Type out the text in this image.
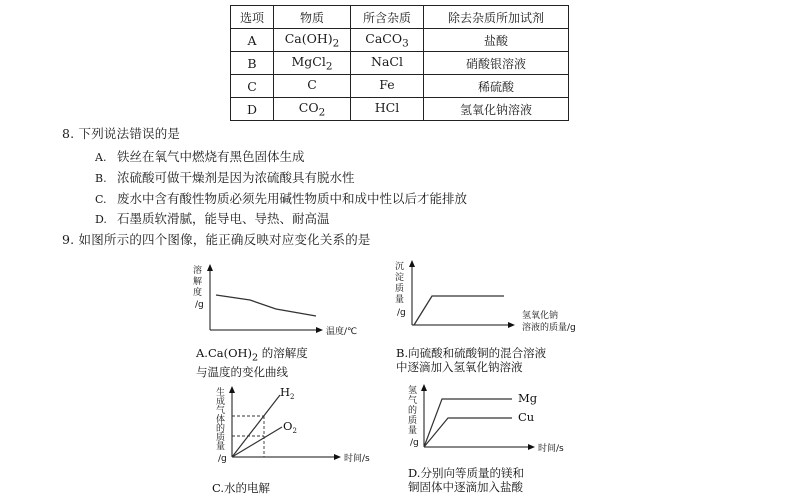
选项	物质	所含杂质	除去杂质所加试剂
A	$Ca(OH)_2$	CaCO$_3$	盐酸
B	MgCl$_2$	NaCl	硝酸银溶液
C	C	Fe	稀硫酸
D	$CO_2$	HCl	氢氧化钠溶液
8. 下列说法错误的是
A. 铁丝在氧气中燃烧有黑色固体生成
B. 浓硫酸可做干燥剂是因为浓硫酸具有脱水性
C. 废水中含有酸性物质必须先用碱性物质中和成中性以后才能排放
D. 石墨质软滑腻，能导电、导热、耐高温
9. 如图所示的四个图像，能正确反映对应变化关系的是
溶
解
度
/g
温度/℃
$A.Ca(OH)_2$ 的溶解度
与温度的变化曲线
沉
淀
质
量
/g	氢氧化钠
溶液的质量/g
B.向硫酸和硫酸铜的混合溶液
中逐滴加入氢氧化钠溶液
$H_2$
$O_2$
生
成
气
体
的
质
量
/g	时间/s
C.水的电解
Mg
Cu
氢
气
的
质
量
/g
时间/s
D.分别向等质量的镁和
铜固体中逐滴加入盐酸
